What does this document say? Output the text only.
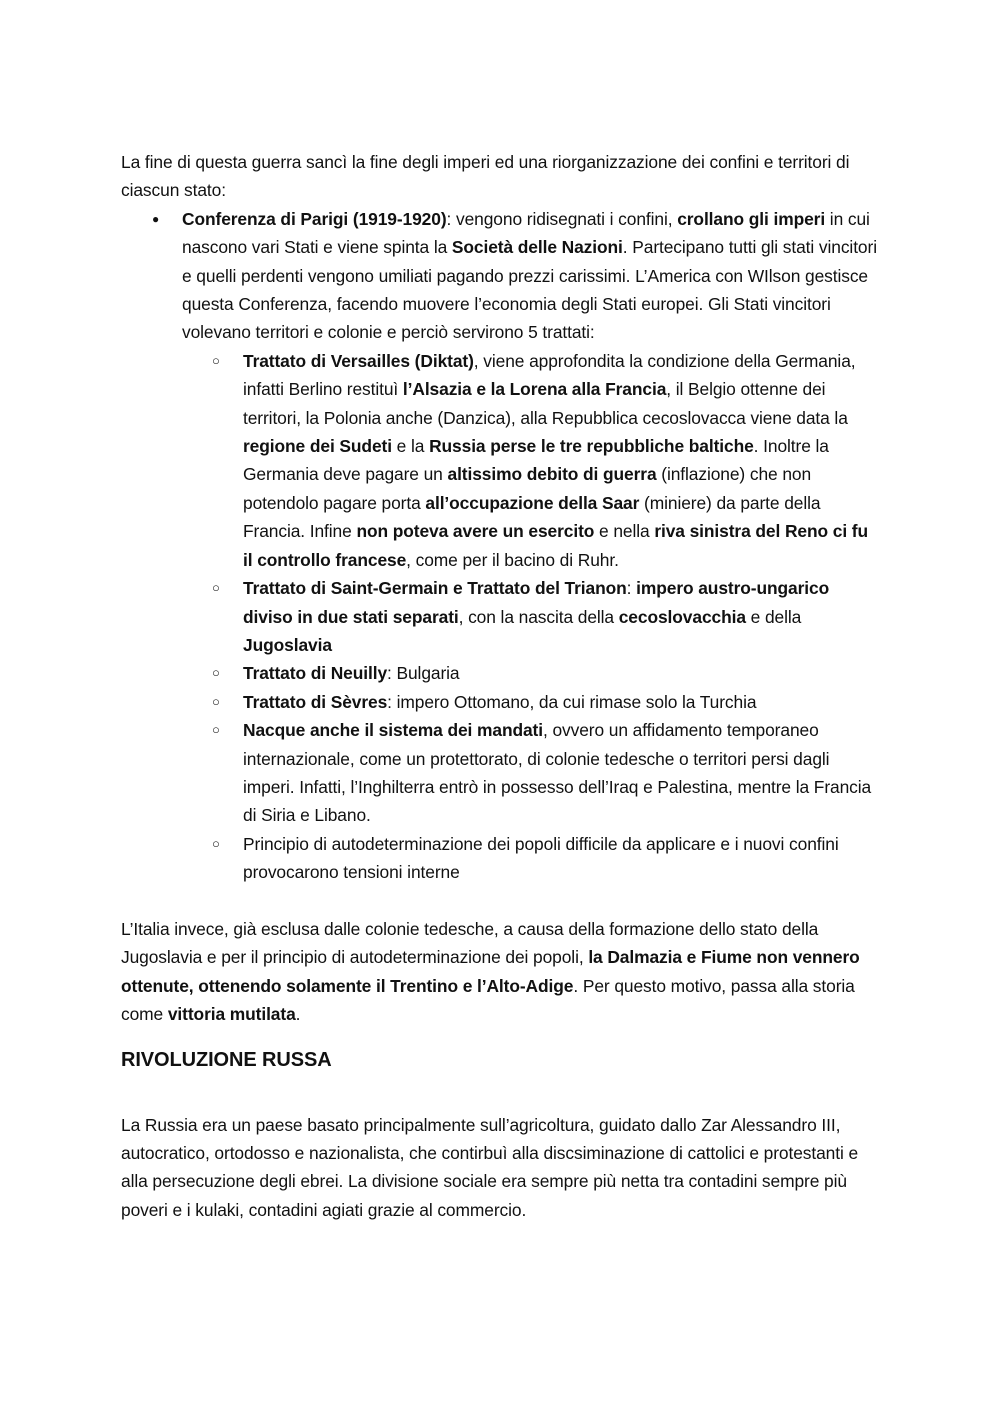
La fine di questa guerra sancì la fine degli imperi ed una riorganizzazione dei confini e territori di ciascun stato:

● Conferenza di Parigi (1919-1920): vengono ridisegnati i confini, crollano gli imperi in cui nascono vari Stati e viene spinta la Società delle Nazioni. Partecipano tutti gli stati vincitori e quelli perdenti vengono umiliati pagando prezzi carissimi. L’America con WIlson gestisce questa Conferenza, facendo muovere l’economia degli Stati europei. Gli Stati vincitori volevano territori e colonie e perciò servirono 5 trattati:
○ Trattato di Versailles (Diktat), viene approfondita la condizione della Germania, infatti Berlino restituì l’Alsazia e la Lorena alla Francia, il Belgio ottenne dei territori, la Polonia anche (Danzica), alla Repubblica cecoslovacca viene data la regione dei Sudeti e la Russia perse le tre repubbliche baltiche. Inoltre la Germania deve pagare un altissimo debito di guerra (inflazione) che non potendolo pagare porta all’occupazione della Saar (miniere) da parte della Francia. Infine non poteva avere un esercito e nella riva sinistra del Reno ci fu il controllo francese, come per il bacino di Ruhr.
○ Trattato di Saint-Germain e Trattato del Trianon: impero austro-ungarico diviso in due stati separati, con la nascita della cecoslovacchia e della Jugoslavia
○ Trattato di Neuilly: Bulgaria
○ Trattato di Sèvres: impero Ottomano, da cui rimase solo la Turchia
○ Nacque anche il sistema dei mandati, ovvero un affidamento temporaneo internazionale, come un protettorato, di colonie tedesche o territori persi dagli imperi. Infatti, l’Inghilterra entrò in possesso dell’Iraq e Palestina, mentre la Francia di Siria e Libano.
○ Principio di autodeterminazione dei popoli difficile da applicare e i nuovi confini provocarono tensioni interne

L’Italia invece, già esclusa dalle colonie tedesche, a causa della formazione dello stato della Jugoslavia e per il principio di autodeterminazione dei popoli, la Dalmazia e Fiume non vennero ottenute, ottenendo solamente il Trentino e l’Alto-Adige. Per questo motivo, passa alla storia come vittoria mutilata.

RIVOLUZIONE RUSSA

La Russia era un paese basato principalmente sull’agricoltura, guidato dallo Zar Alessandro III, autocratico, ortodosso e nazionalista, che contirbuì alla discsiminazione di cattolici e protestanti e alla persecuzione degli ebrei. La divisione sociale era sempre più netta tra contadini sempre più poveri e i kulaki, contadini agiati grazie al commercio.
